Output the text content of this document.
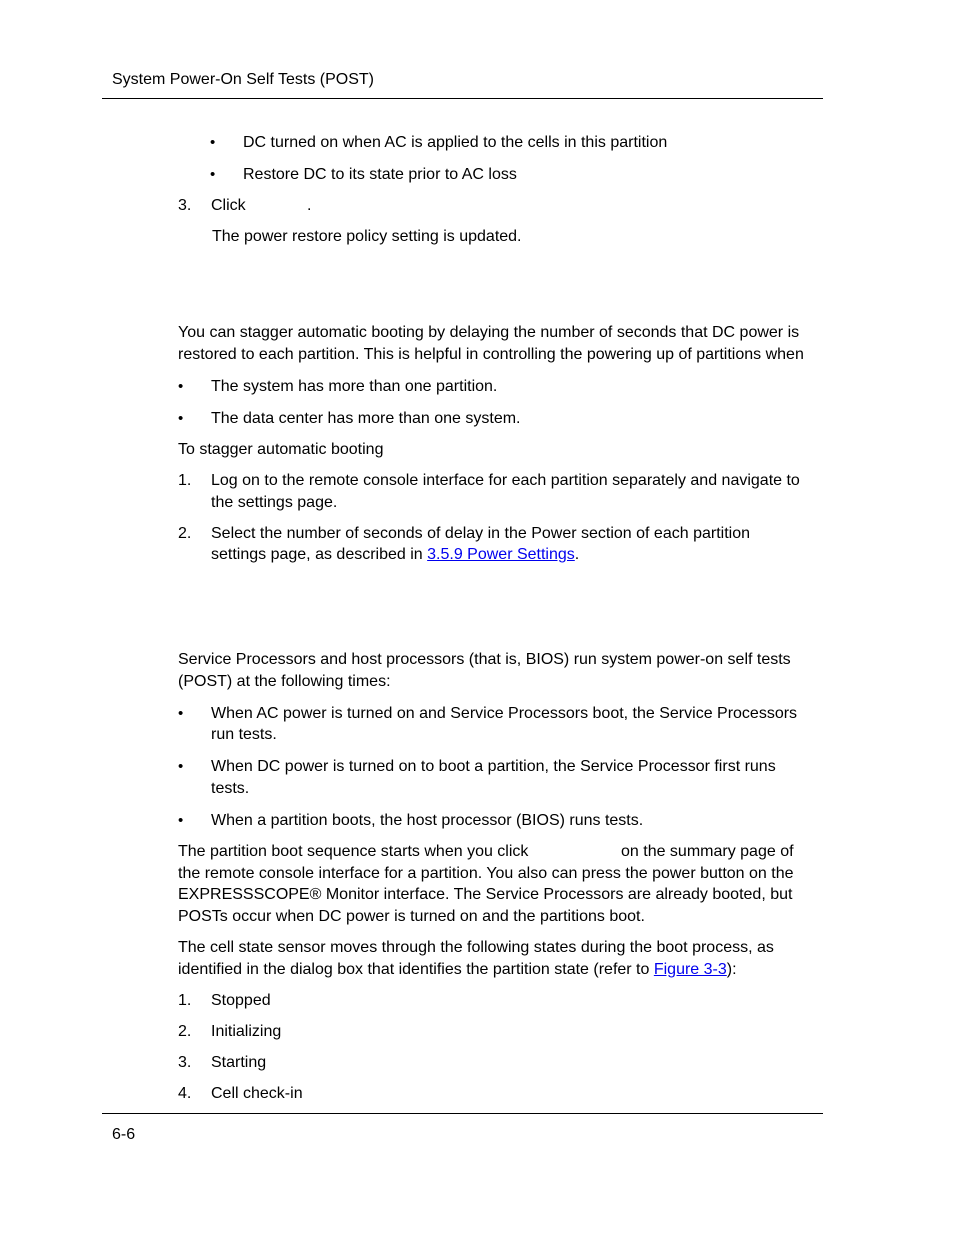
System Power-On Self Tests (POST)
• DC turned on when AC is applied to the cells in this partition
• Restore DC to its state prior to AC loss
3. Click	.
The power restore policy setting is updated.
You can stagger automatic booting by delaying the number of seconds that DC power is
restored to each partition. This is helpful in controlling the powering up of partitions when
• The system has more than one partition.
• The data center has more than one system.
To stagger automatic booting
1. Log on to the remote console interface for each partition separately and navigate to
the settings page.
2. Select the number of seconds of delay in the Power section of each partition
settings page, as described in 3.5.9 Power Settings.
Service Processors and host processors (that is, BIOS) run system power-on self tests
(POST) at the following times:
• When AC power is turned on and Service Processors boot, the Service Processors
run tests.
• When DC power is turned on to boot a partition, the Service Processor first runs
tests.
• When a partition boots, the host processor (BIOS) runs tests.
The partition boot sequence starts when you click	on the summary page of
the remote console interface for a partition. You also can press the power button on the
EXPRESSSCOPE® Monitor interface. The Service Processors are already booted, but
POSTs occur when DC power is turned on and the partitions boot.
The cell state sensor moves through the following states during the boot process, as
identified in the dialog box that identifies the partition state (refer to Figure 3-3):
1. Stopped
2. Initializing
3. Starting
4. Cell check-in
6-6
